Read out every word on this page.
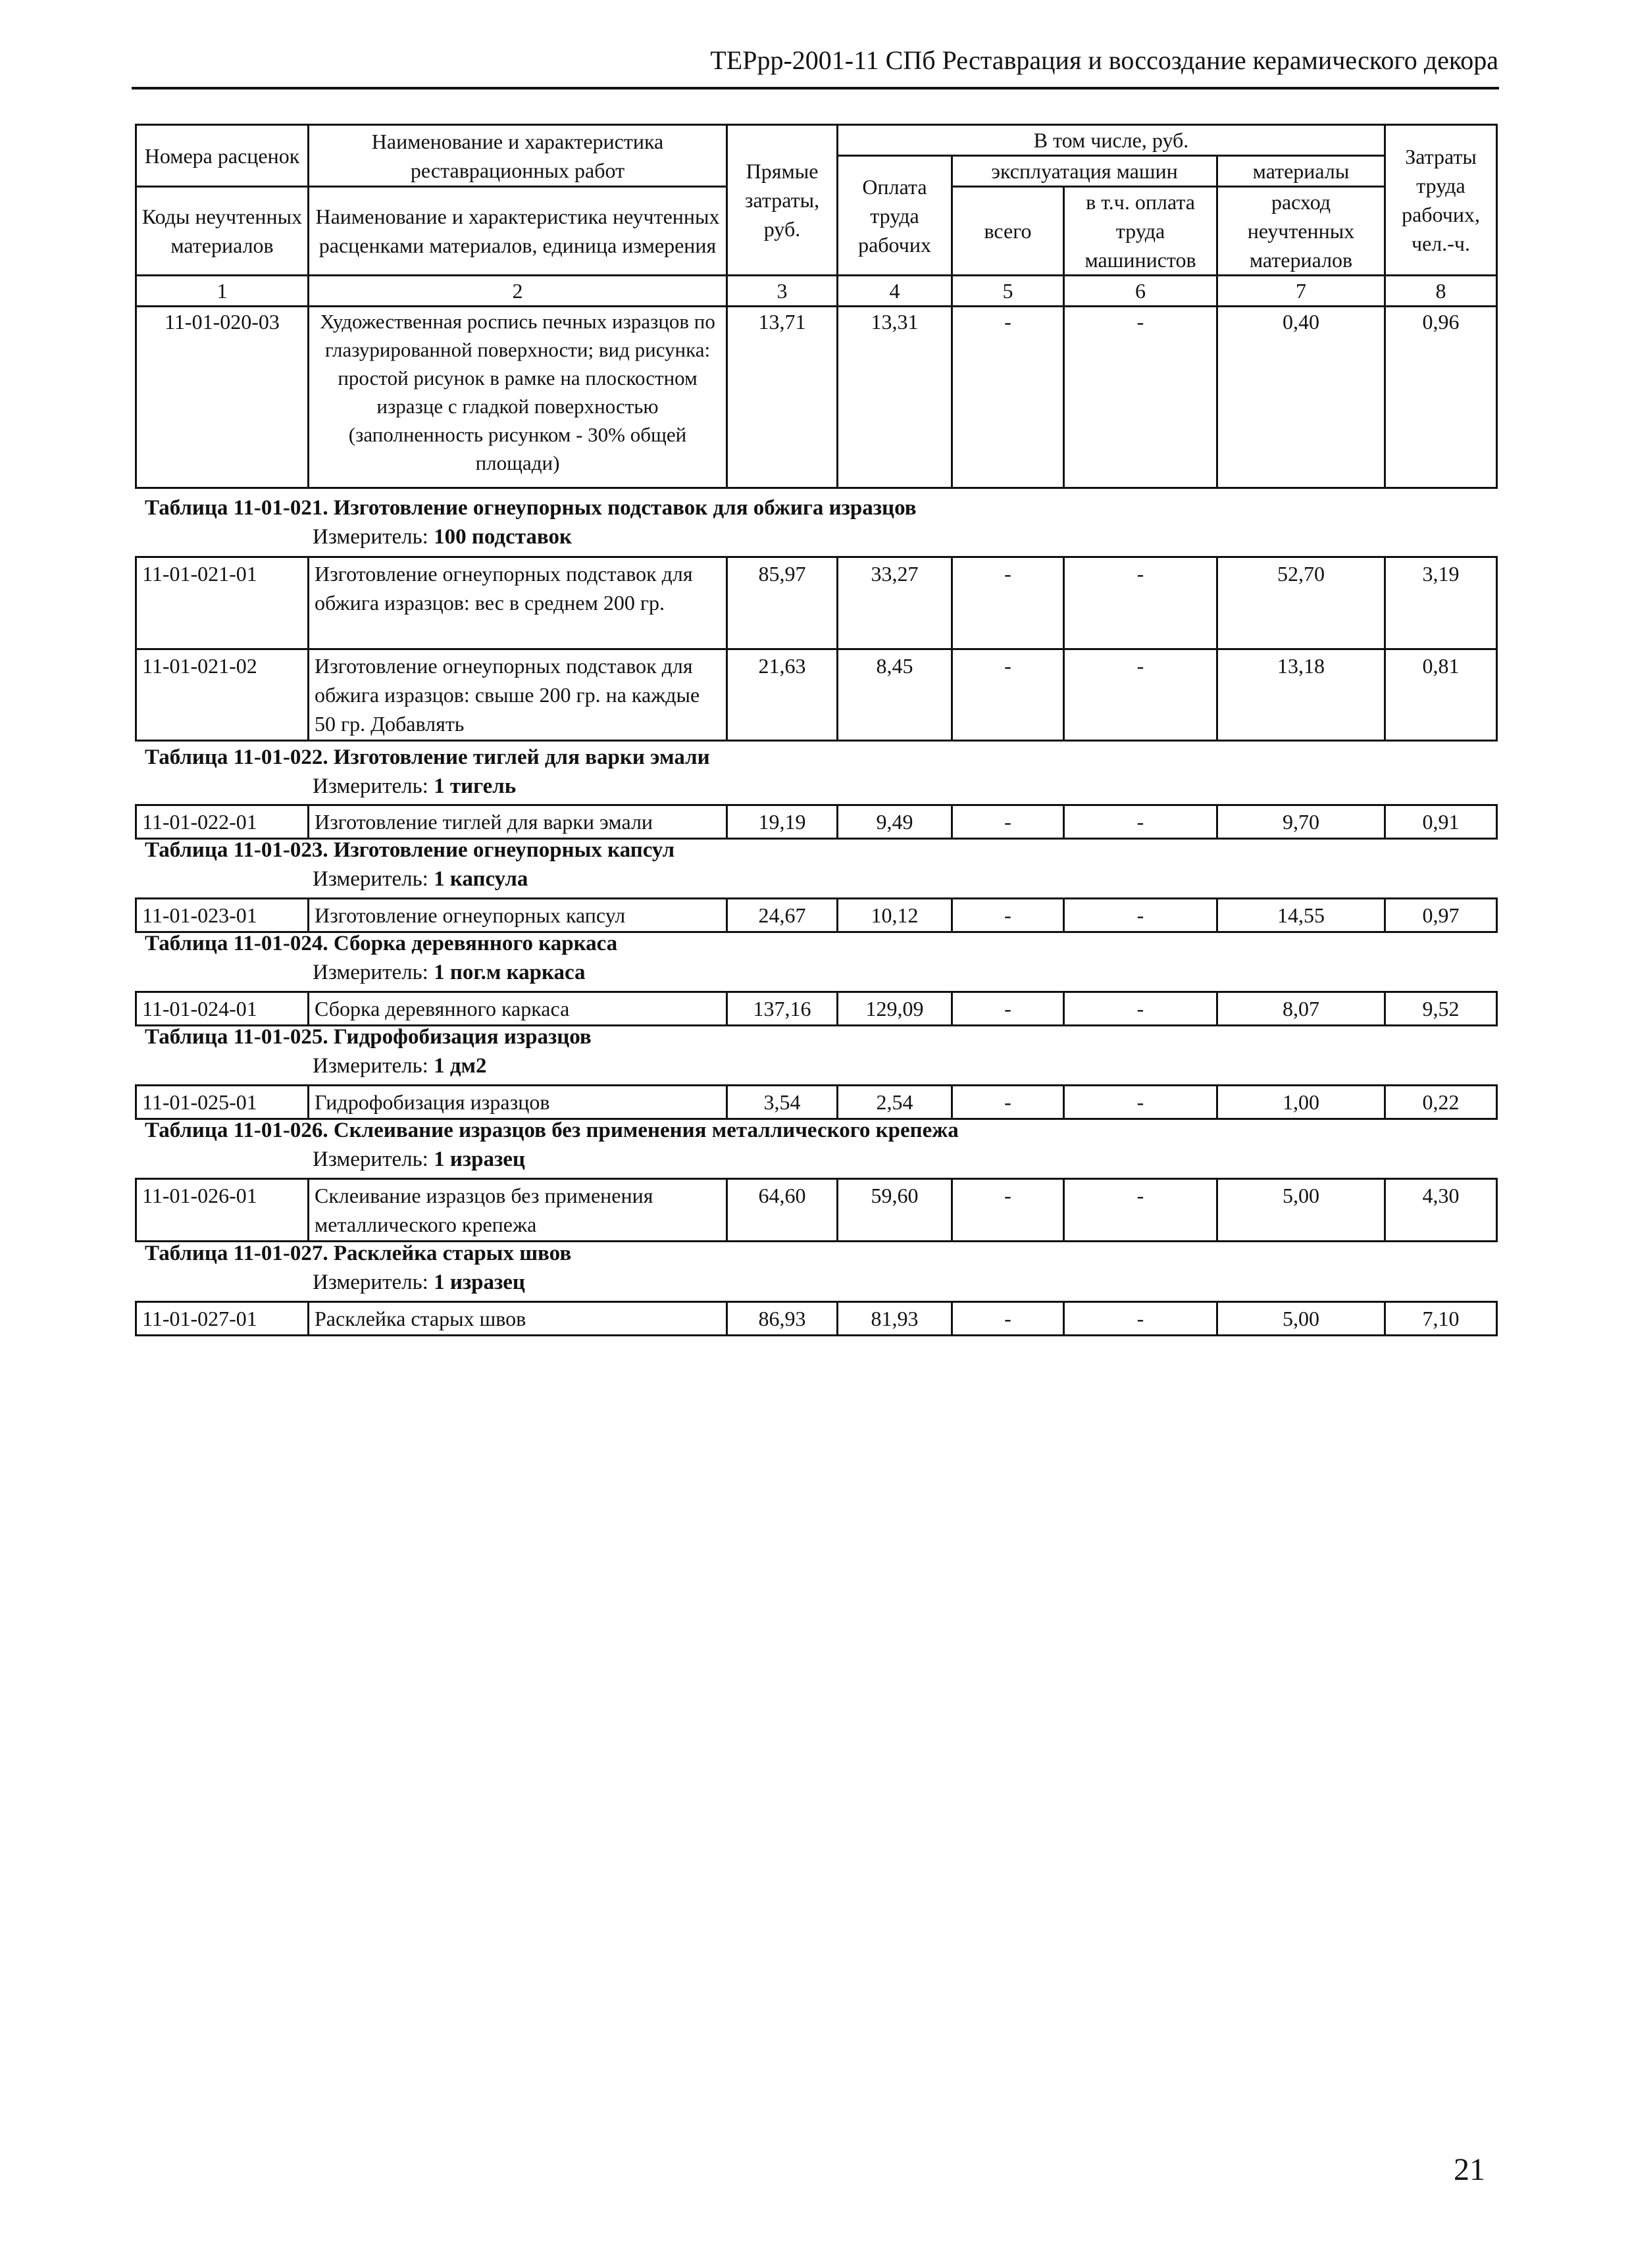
ТЕРрр-2001-11 СПб Реставрация и воссоздание керамического декора
Номера расценок	Наименование и характеристика реставрационных работ	Прямые затраты, руб.	В том числе, руб.				Затраты труда рабочих, чел.-ч.
			Оплата труда рабочих	эксплуатация машин		материалы	
Коды неучтенных материалов	Наименование и характеристика неучтенных расценками материалов, единица измерения			всего	в т.ч. оплата труда машинистов	расход неучтенных материалов	

1	2	3	4	5	6	7	8
11-01-020-03	Художественная роспись печных изразцов по глазурированной поверхности; вид рисунка: простой рисунок в рамке на плоскостном изразце с гладкой поверхностью (заполненность рисунком - 30% общей площади)	13,71	13,31	-	-	0,40	0,96
Таблица 11-01-021. Изготовление огнеупорных подставок для обжига изразцов
Измеритель: 100 подставок
11-01-021-01	Изготовление огнеупорных подставок для обжига изразцов: вес в среднем 200 гр.	85,97	33,27	-	-	52,70	3,19
11-01-021-02	Изготовление огнеупорных подставок для обжига изразцов: свыше 200 гр. на каждые 50 гр. Добавлять	21,63	8,45	-	-	13,18	0,81
Таблица 11-01-022. Изготовление тиглей для варки эмали
Измеритель: 1 тигель
11-01-022-01	Изготовление тиглей для варки эмали	19,19	9,49	-	-	9,70	0,91
Таблица 11-01-023. Изготовление огнеупорных капсул
Измеритель: 1 капсула
11-01-023-01	Изготовление огнеупорных капсул	24,67	10,12	-	-	14,55	0,97
Таблица 11-01-024. Сборка деревянного каркаса
Измеритель: 1 пог.м каркаса
11-01-024-01	Сборка деревянного каркаса	137,16	129,09	-	-	8,07	9,52
Таблица 11-01-025. Гидрофобизация изразцов
Измеритель: 1 дм2
11-01-025-01	Гидрофобизация изразцов	3,54	2,54	-	-	1,00	0,22
Таблица 11-01-026. Склеивание изразцов без применения металлического крепежа
Измеритель: 1 изразец
11-01-026-01	Склеивание изразцов без применения металлического крепежа	64,60	59,60	-	-	5,00	4,30
Таблица 11-01-027. Расклейка старых швов
Измеритель: 1 изразец
11-01-027-01	Расклейка старых швов	86,93	81,93	-	-	5,00	7,10
21
